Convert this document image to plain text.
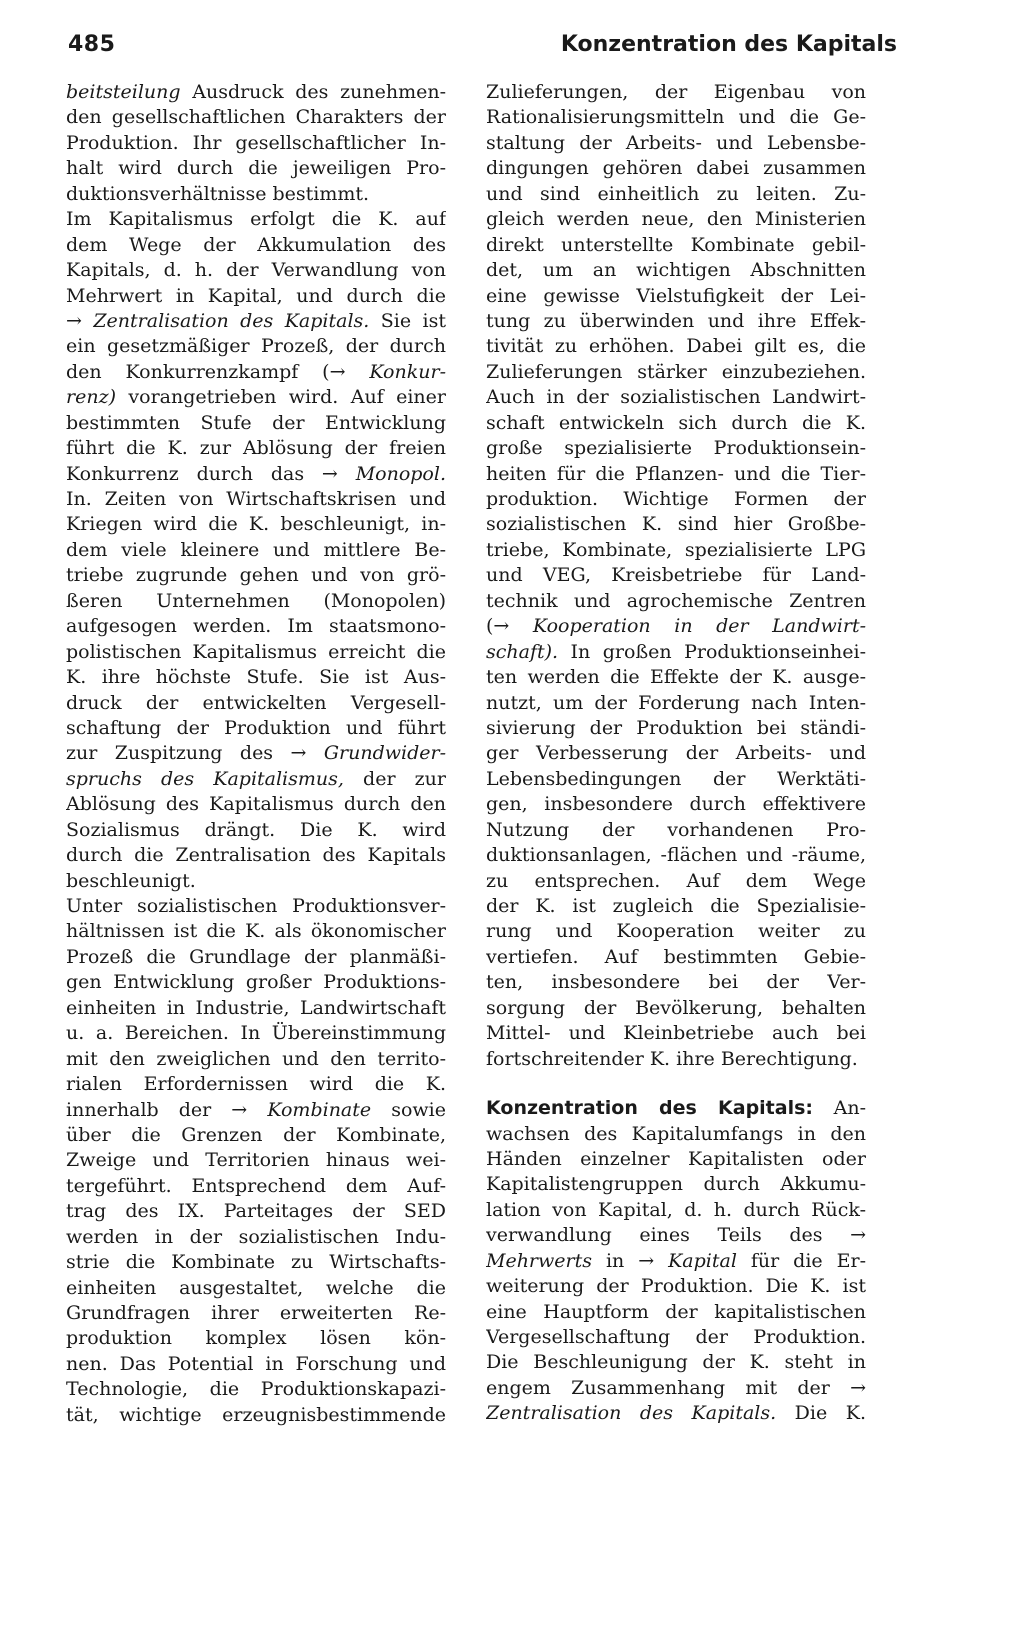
485	Konzentration des Kapitals
beitsteilung Ausdruck des zunehmen-
den gesellschaftlichen Charakters der
Produktion. Ihr gesellschaftlicher In-
halt wird durch die jeweiligen Pro-
duktionsverhältnisse bestimmt.
Im Kapitalismus erfolgt die K. auf
dem Wege der Akkumulation des
Kapitals, d. h. der Verwandlung von
Mehrwert in Kapital, und durch die
→ Zentralisation des Kapitals. Sie ist
ein gesetzmäßiger Prozeß, der durch
den Konkurrenzkampf (→ Konkur-
renz) vorangetrieben wird. Auf einer
bestimmten Stufe der Entwicklung
führt die K. zur Ablösung der freien
Konkurrenz durch das → Monopol.
In. Zeiten von Wirtschaftskrisen und
Kriegen wird die K. beschleunigt, in-
dem viele kleinere und mittlere Be-
triebe zugrunde gehen und von grö-
ßeren Unternehmen (Monopolen)
aufgesogen werden. Im staatsmono-
polistischen Kapitalismus erreicht die
K. ihre höchste Stufe. Sie ist Aus-
druck der entwickelten Vergesell-
schaftung der Produktion und führt
zur Zuspitzung des → Grundwider-
spruchs des Kapitalismus, der zur
Ablösung des Kapitalismus durch den
Sozialismus drängt. Die K. wird
durch die Zentralisation des Kapitals
beschleunigt.
Unter sozialistischen Produktionsver-
hältnissen ist die K. als ökonomischer
Prozeß die Grundlage der planmäßi-
gen Entwicklung großer Produktions-
einheiten in Industrie, Landwirtschaft
u. a. Bereichen. In Übereinstimmung
mit den zweiglichen und den territo-
rialen Erfordernissen wird die K.
innerhalb der → Kombinate sowie
über die Grenzen der Kombinate,
Zweige und Territorien hinaus wei-
tergeführt. Entsprechend dem Auf-
trag des IX. Parteitages der SED
werden in der sozialistischen Indu-
strie die Kombinate zu Wirtschafts-
einheiten ausgestaltet, welche die
Grundfragen ihrer erweiterten Re-
produktion komplex lösen kön-
nen. Das Potential in Forschung und
Technologie, die Produktionskapazi-
tät, wichtige erzeugnisbestimmende
Zulieferungen, der Eigenbau von
Rationalisierungsmitteln und die Ge-
staltung der Arbeits- und Lebensbe-
dingungen gehören dabei zusammen
und sind einheitlich zu leiten. Zu-
gleich werden neue, den Ministerien
direkt unterstellte Kombinate gebil-
det, um an wichtigen Abschnitten
eine gewisse Vielstufigkeit der Lei-
tung zu überwinden und ihre Effek-
tivität zu erhöhen. Dabei gilt es, die
Zulieferungen stärker einzubeziehen.
Auch in der sozialistischen Landwirt-
schaft entwickeln sich durch die K.
große spezialisierte Produktionsein-
heiten für die Pflanzen- und die Tier-
produktion. Wichtige Formen der
sozialistischen K. sind hier Großbe-
triebe, Kombinate, spezialisierte LPG
und VEG, Kreisbetriebe für Land-
technik und agrochemische Zentren
(→ Kooperation in der Landwirt-
schaft). In großen Produktionseinhei-
ten werden die Effekte der K. ausge-
nutzt, um der Forderung nach Inten-
sivierung der Produktion bei ständi-
ger Verbesserung der Arbeits- und
Lebensbedingungen der Werktäti-
gen, insbesondere durch effektivere
Nutzung der vorhandenen Pro-
duktionsanlagen, -flächen und -räume,
zu entsprechen. Auf dem Wege
der K. ist zugleich die Spezialisie-
rung und Kooperation weiter zu
vertiefen. Auf bestimmten Gebie-
ten, insbesondere bei der Ver-
sorgung der Bevölkerung, behalten
Mittel- und Kleinbetriebe auch bei
fortschreitender K. ihre Berechtigung.
Konzentration des Kapitals: An-
wachsen des Kapitalumfangs in den
Händen einzelner Kapitalisten oder
Kapitalistengruppen durch Akkumu-
lation von Kapital, d. h. durch Rück-
verwandlung eines Teils des →
Mehrwerts in → Kapital für die Er-
weiterung der Produktion. Die K. ist
eine Hauptform der kapitalistischen
Vergesellschaftung der Produktion.
Die Beschleunigung der K. steht in
engem Zusammenhang mit der →
Zentralisation des Kapitals. Die K.
